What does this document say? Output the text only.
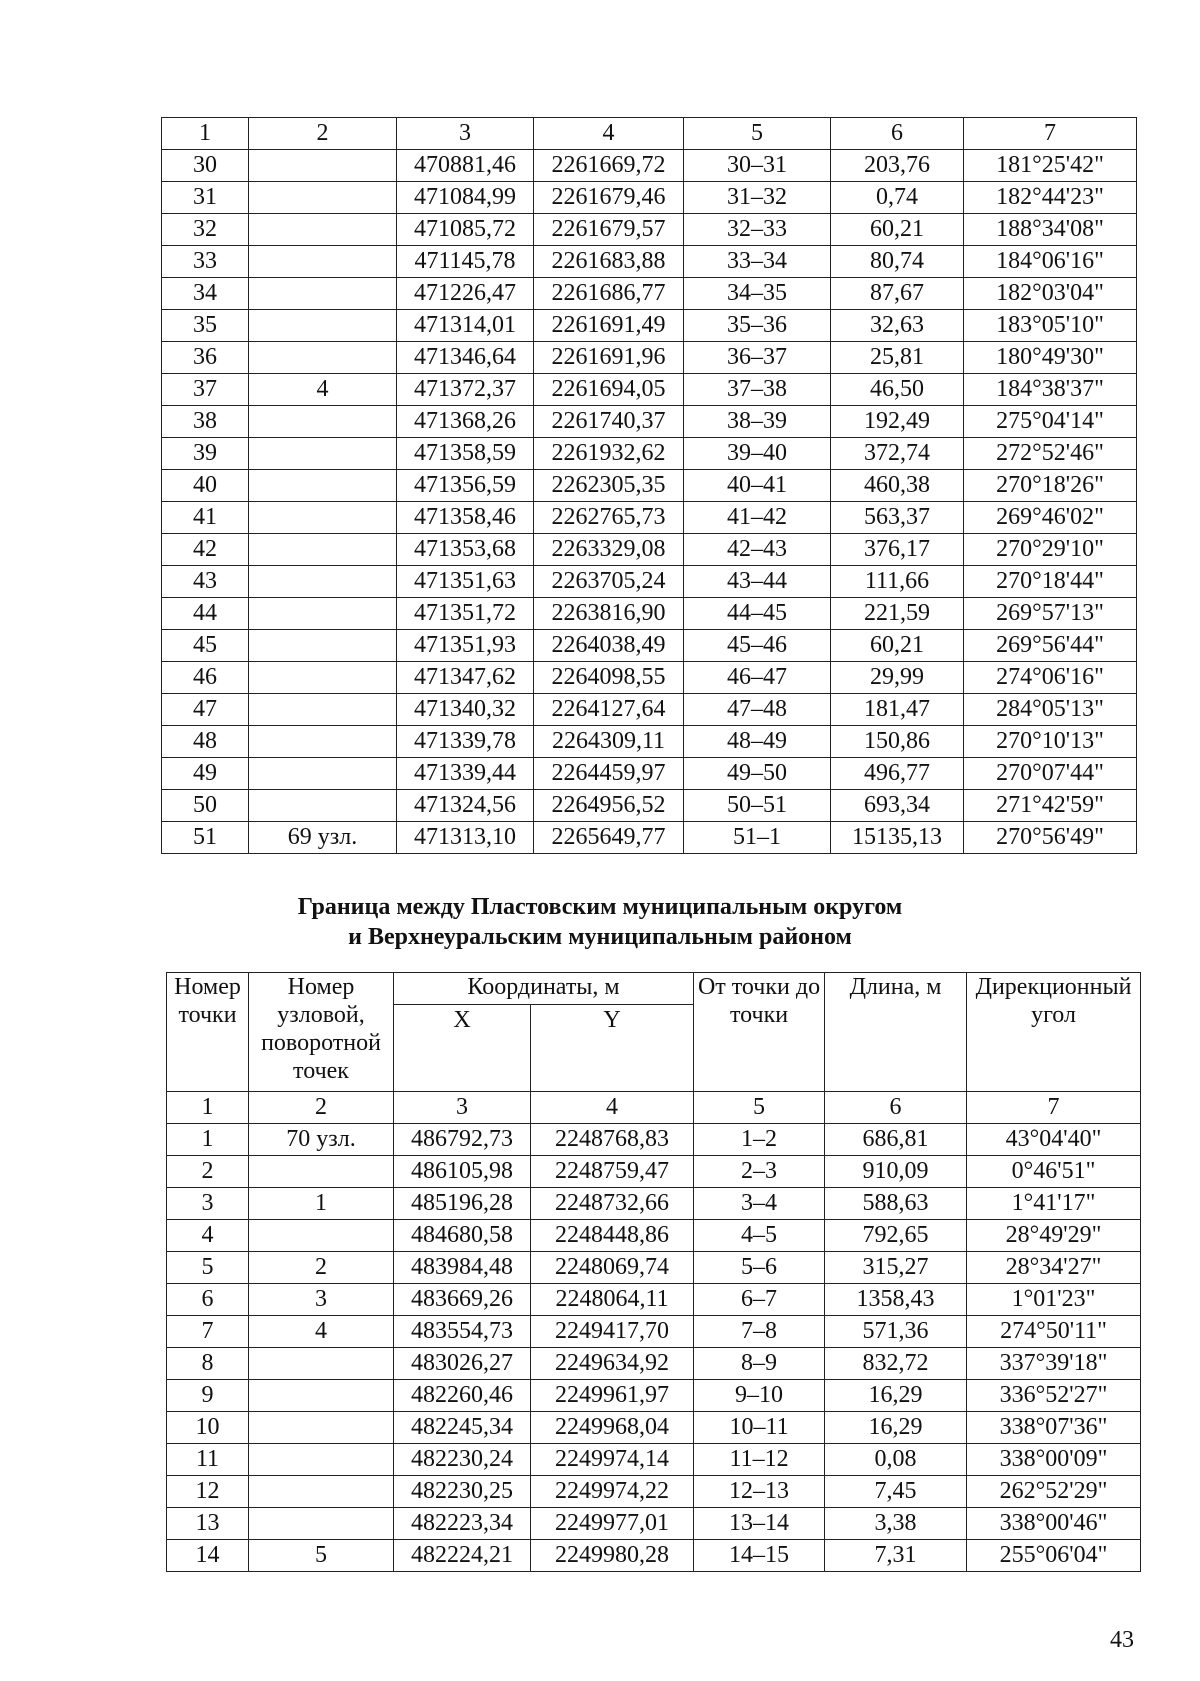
1	2	3	4	5	6	7
30		470881,46	2261669,72	30–31	203,76	181°25'42"
31		471084,99	2261679,46	31–32	0,74	182°44'23"
32		471085,72	2261679,57	32–33	60,21	188°34'08"
33		471145,78	2261683,88	33–34	80,74	184°06'16"
34		471226,47	2261686,77	34–35	87,67	182°03'04"
35		471314,01	2261691,49	35–36	32,63	183°05'10"
36		471346,64	2261691,96	36–37	25,81	180°49'30"
37	4	471372,37	2261694,05	37–38	46,50	184°38'37"
38		471368,26	2261740,37	38–39	192,49	275°04'14"
39		471358,59	2261932,62	39–40	372,74	272°52'46"
40		471356,59	2262305,35	40–41	460,38	270°18'26"
41		471358,46	2262765,73	41–42	563,37	269°46'02"
42		471353,68	2263329,08	42–43	376,17	270°29'10"
43		471351,63	2263705,24	43–44	111,66	270°18'44"
44		471351,72	2263816,90	44–45	221,59	269°57'13"
45		471351,93	2264038,49	45–46	60,21	269°56'44"
46		471347,62	2264098,55	46–47	29,99	274°06'16"
47		471340,32	2264127,64	47–48	181,47	284°05'13"
48		471339,78	2264309,11	48–49	150,86	270°10'13"
49		471339,44	2264459,97	49–50	496,77	270°07'44"
50		471324,56	2264956,52	50–51	693,34	271°42'59"
51	69 узл.	471313,10	2265649,77	51–1	15135,13	270°56'49"
Граница между Пластовским муниципальным округом
и Верхнеуральским муниципальным районом
Номер точки	Номер узловой, поворотной точек	Координаты, м		От точки до точки	Длина, м	Дирекционный угол
		X	Y			
1	2	3	4	5	6	7
1	70 узл.	486792,73	2248768,83	1–2	686,81	43°04'40"
2		486105,98	2248759,47	2–3	910,09	0°46'51"
3	1	485196,28	2248732,66	3–4	588,63	1°41'17"
4		484680,58	2248448,86	4–5	792,65	28°49'29"
5	2	483984,48	2248069,74	5–6	315,27	28°34'27"
6	3	483669,26	2248064,11	6–7	1358,43	1°01'23"
7	4	483554,73	2249417,70	7–8	571,36	274°50'11"
8		483026,27	2249634,92	8–9	832,72	337°39'18"
9		482260,46	2249961,97	9–10	16,29	336°52'27"
10		482245,34	2249968,04	10–11	16,29	338°07'36"
11		482230,24	2249974,14	11–12	0,08	338°00'09"
12		482230,25	2249974,22	12–13	7,45	262°52'29"
13		482223,34	2249977,01	13–14	3,38	338°00'46"
14	5	482224,21	2249980,28	14–15	7,31	255°06'04"
43
